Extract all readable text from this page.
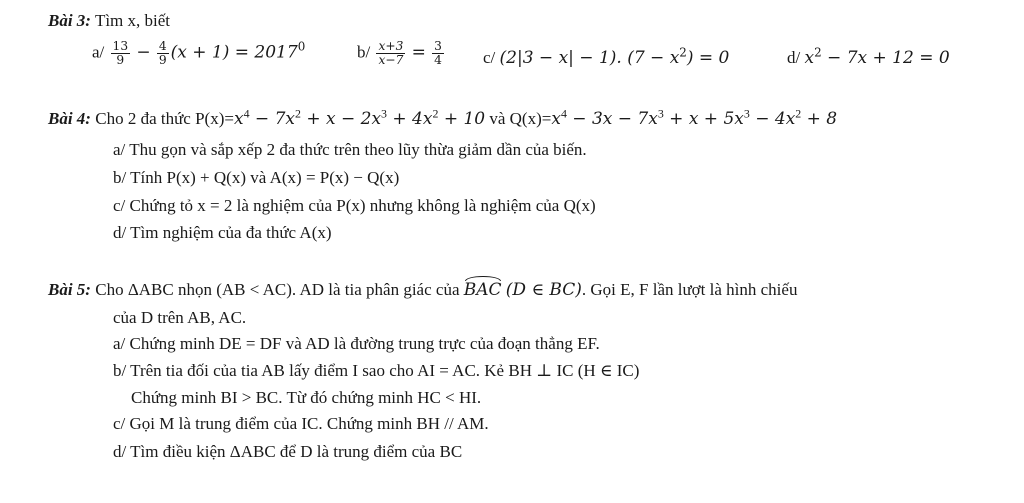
Bài 3: Tìm x, biết
$a/ \frac{13}{9} - \frac{4}{9} (x + 1) = 2017^0$	$b/ \frac{x+3}{x-7} = \frac{3}{4} c/$ (2|3 − x| − 1). $(7 - x^2) = 0$	d/ $x^2 - 7x + 12 = 0$
Bài 4: Cho 2 đa thức $P(x)=x^4 - 7x^2 + x - 2x^3 + 4x^2 + 10$ và $Q(x)=x^4 - 3x - 7x^3 + x + 5x^3 - 4x^2 + 8$
a/ Thu gọn và sắp xếp 2 đa thức trên theo lũy thừa giảm dần của biến.
b/ Tính P(x) + Q(x) và A(x) = P(x) − Q(x)
c/ Chứng tỏ x = 2 là nghiệm của P(x) nhưng không là nghiệm của Q(x)
d/ Tìm nghiệm của đa thức A(x)
Bài 5: Cho ΔABC nhọn (AB < AC). AD là tia phân giác của BAC (D ∈ BC). Gọi E, F lần lượt là hình chiếu
của D trên AB, AC.
a/ Chứng minh DE = DF và AD là đường trung trực của đoạn thẳng EF.
b/ Trên tia đối của tia AB lấy điểm I sao cho AI = AC. Kẻ BH ⊥ IC (H ∈ IC)
Chứng minh BI > BC. Từ đó chứng minh HC < HI.
c/ Gọi M là trung điểm của IC. Chứng minh BH // AM.
d/ Tìm điều kiện ΔABC để D là trung điểm của BC
